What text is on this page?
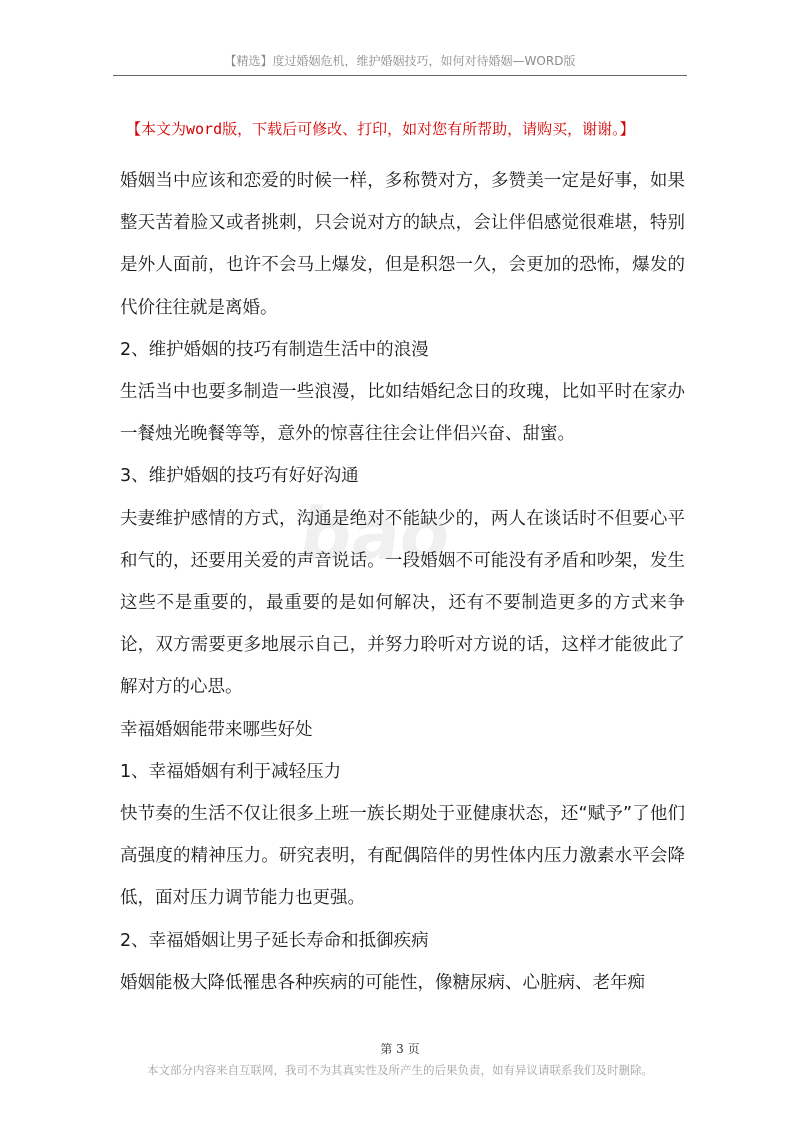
【精选】度过婚姻危机，维护婚姻技巧，如何对待婚姻—WORD版
【本文为word版，下载后可修改、打印，如对您有所帮助，请购买，谢谢。】
bao

婚姻当中应该和恋爱的时候一样，多称赞对方，多赞美一定是好事，如果整天苦着脸又或者挑刺，只会说对方的缺点，会让伴侣感觉很难堪，特别是外人面前，也许不会马上爆发，但是积怨一久，会更加的恐怖，爆发的代价往往就是离婚。

2、维护婚姻的技巧有制造生活中的浪漫

生活当中也要多制造一些浪漫，比如结婚纪念日的玫瑰，比如平时在家办一餐烛光晚餐等等，意外的惊喜往往会让伴侣兴奋、甜蜜。

3、维护婚姻的技巧有好好沟通

夫妻维护感情的方式，沟通是绝对不能缺少的，两人在谈话时不但要心平和气的，还要用关爱的声音说话。一段婚姻不可能没有矛盾和吵架，发生这些不是重要的，最重要的是如何解决，还有不要制造更多的方式来争论，双方需要更多地展示自己，并努力聆听对方说的话，这样才能彼此了解对方的心思。

幸福婚姻能带来哪些好处

1、幸福婚姻有利于减轻压力

快节奏的生活不仅让很多上班一族长期处于亚健康状态，还“赋予”了他们高强度的精神压力。研究表明，有配偶陪伴的男性体内压力激素水平会降低，面对压力调节能力也更强。

2、幸福婚姻让男子延长寿命和抵御疾病

婚姻能极大降低罹患各种疾病的可能性，像糖尿病、心脏病、老年痴

第 3 页
本文部分内容来自互联网，我司不为其真实性及所产生的后果负责，如有异议请联系我们及时删除。
